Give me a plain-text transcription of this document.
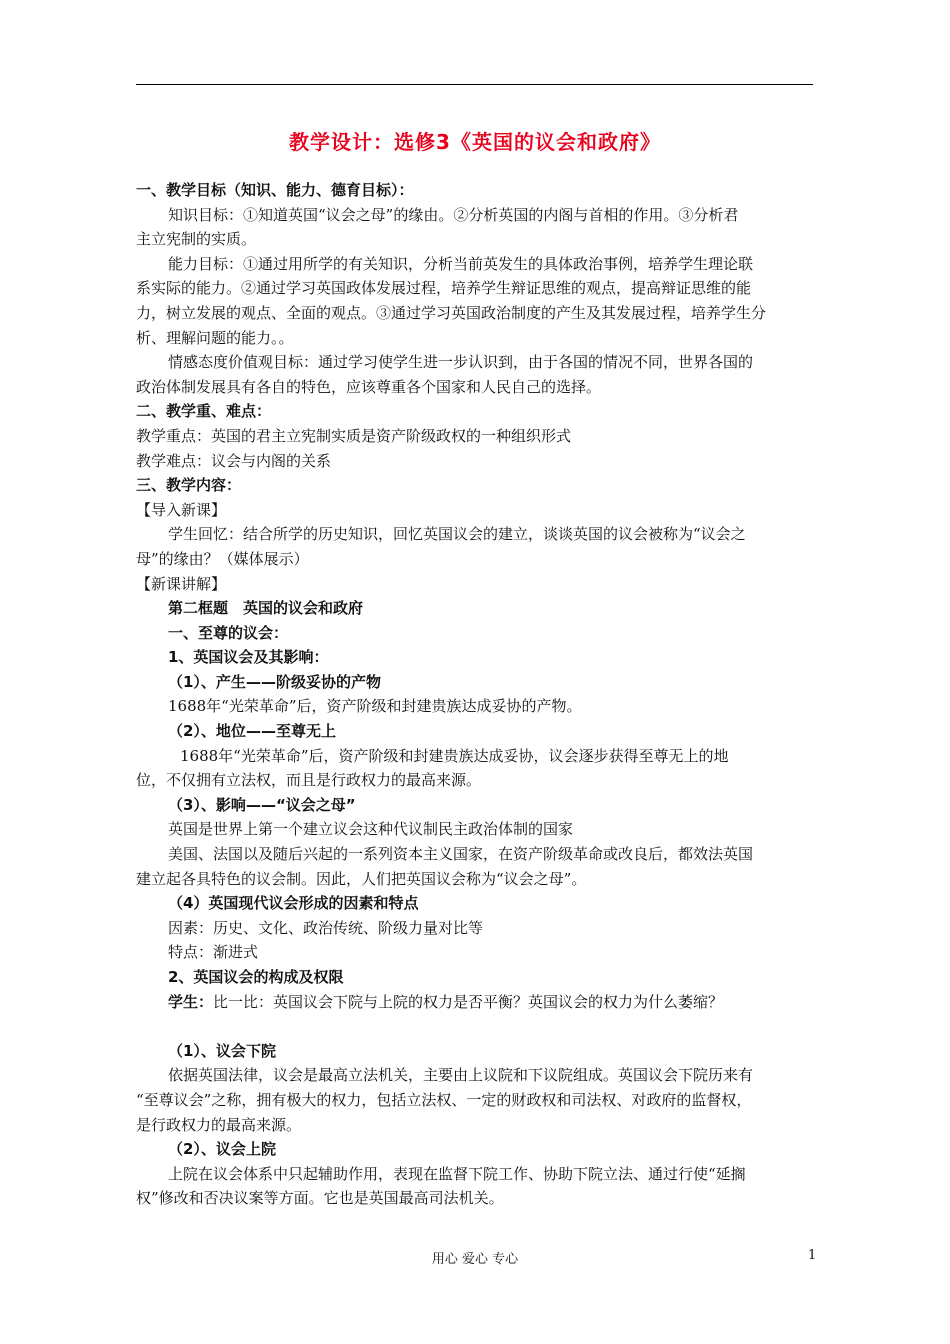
教学设计：选修3《英国的议会和政府》
一、教学目标（知识、能力、德育目标）：
知识目标：①知道英国“议会之母”的缘由。②分析英国的内阁与首相的作用。③分析君
主立宪制的实质。
能力目标：①通过用所学的有关知识，分析当前英发生的具体政治事例，培养学生理论联
系实际的能力。②通过学习英国政体发展过程，培养学生辩证思维的观点，提高辩证思维的能
力，树立发展的观点、全面的观点。③通过学习英国政治制度的产生及其发展过程，培养学生分
析、理解问题的能力。。
情感态度价值观目标：通过学习使学生进一步认识到，由于各国的情况不同，世界各国的
政治体制发展具有各自的特色，应该尊重各个国家和人民自己的选择。
二、教学重、难点：
教学重点：英国的君主立宪制实质是资产阶级政权的一种组织形式
教学难点：议会与内阁的关系
三、教学内容：
【导入新课】
学生回忆：结合所学的历史知识，回忆英国议会的建立，谈谈英国的议会被称为“议会之
母”的缘由？（媒体展示）
【新课讲解】
第二框题　英国的议会和政府
一、至尊的议会：
1、英国议会及其影响：
（1）、产生——阶级妥协的产物
1688年“光荣革命”后，资产阶级和封建贵族达成妥协的产物。
（2）、地位——至尊无上
1688年“光荣革命”后，资产阶级和封建贵族达成妥协，议会逐步获得至尊无上的地
位，不仅拥有立法权，而且是行政权力的最高来源。
（3）、影响——“议会之母”
英国是世界上第一个建立议会这种代议制民主政治体制的国家
美国、法国以及随后兴起的一系列资本主义国家，在资产阶级革命或改良后，都效法英国
建立起各具特色的议会制。因此，人们把英国议会称为“议会之母”。
（4）英国现代议会形成的因素和特点
因素：历史、文化、政治传统、阶级力量对比等
特点：渐进式
2、英国议会的构成及权限
学生：比一比：英国议会下院与上院的权力是否平衡？英国议会的权力为什么萎缩？
（1）、议会下院
依据英国法律，议会是最高立法机关，主要由上议院和下议院组成。英国议会下院历来有
“至尊议会”之称，拥有极大的权力，包括立法权、一定的财政权和司法权、对政府的监督权，
是行政权力的最高来源。
（2）、议会上院
上院在议会体系中只起辅助作用，表现在监督下院工作、协助下院立法、通过行使“延搁
权”修改和否决议案等方面。它也是英国最高司法机关。
用心 爱心 专心	1
